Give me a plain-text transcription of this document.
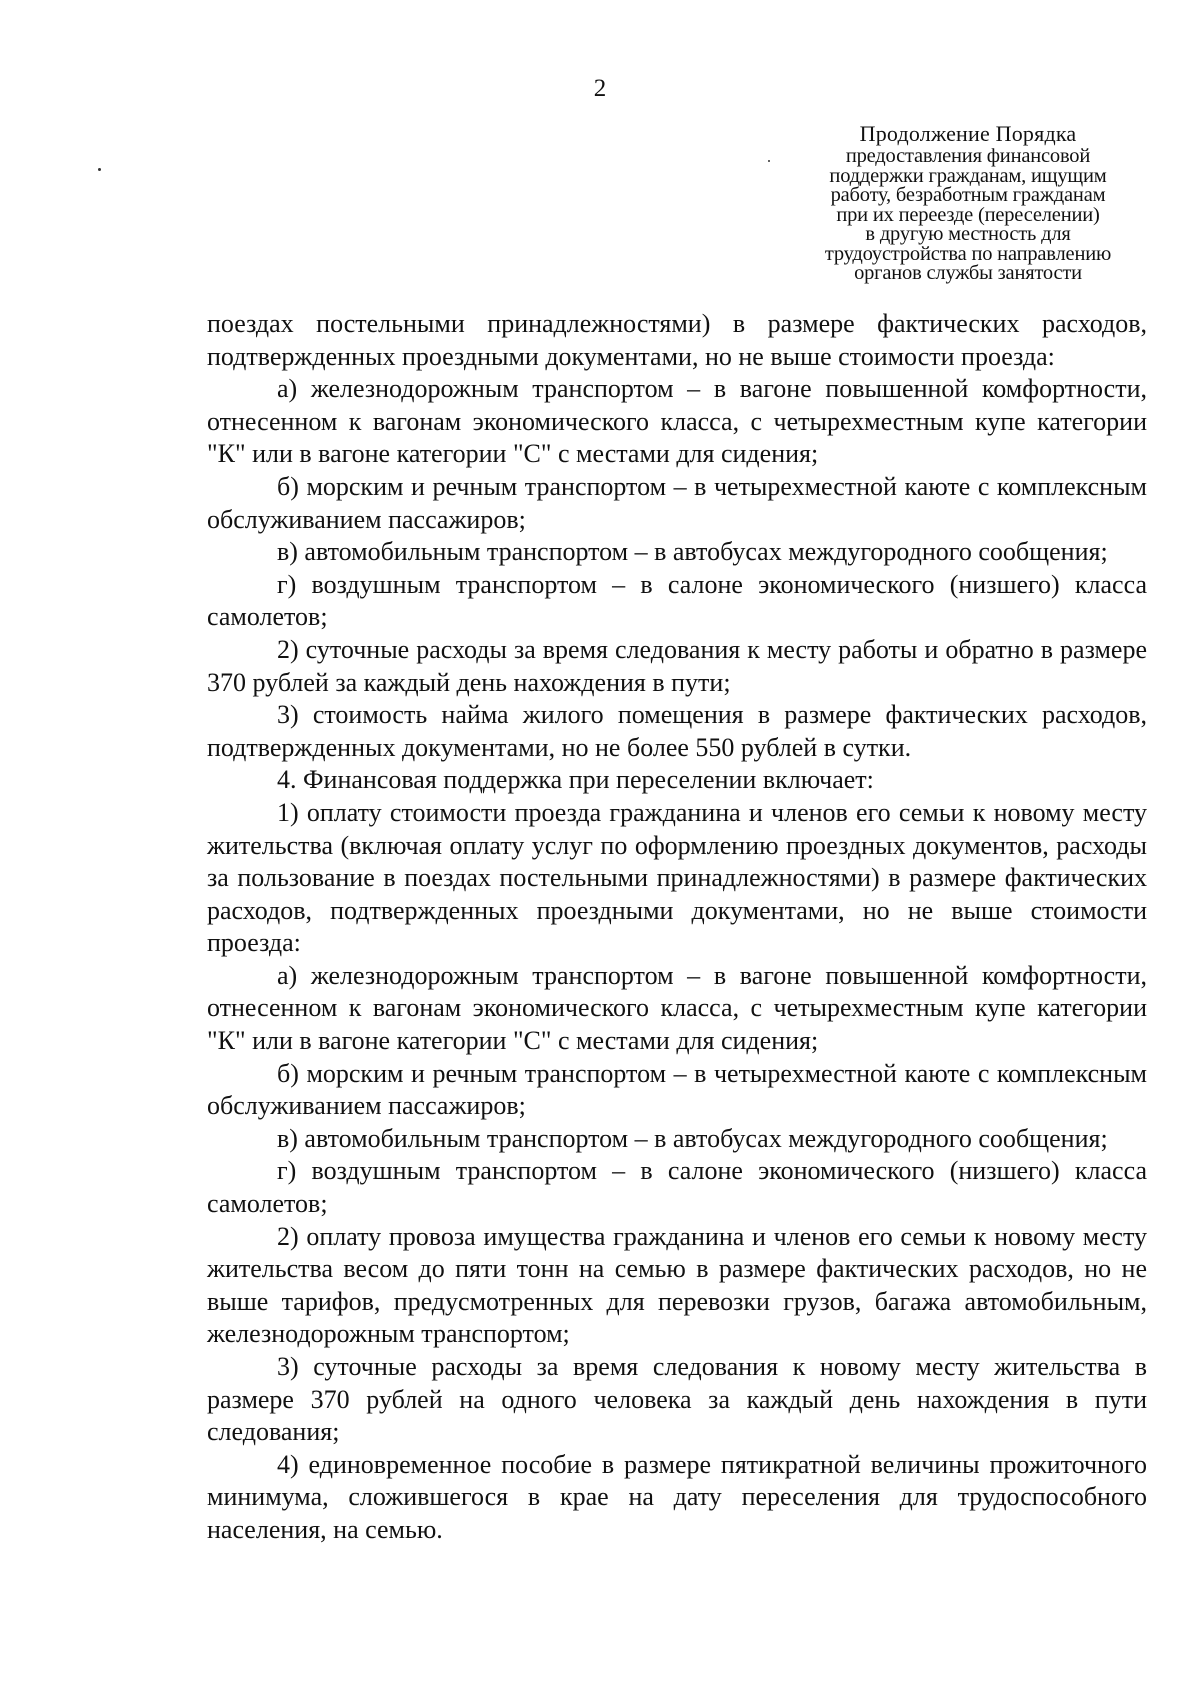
2
Продолжение Порядка
предоставления финансовой
поддержки гражданам, ищущим
работу, безработным гражданам
при их переезде (переселении)
в другую местность для
трудоустройства по направлению
органов службы занятости

поездах постельными принадлежностями) в размере фактических расходов, подтвержденных проездными документами, но не выше стоимости проезда:

а) железнодорожным транспортом – в вагоне повышенной комфортности, отнесенном к вагонам экономического класса, с четырехместным купе категории "К" или в вагоне категории "С" с местами для сидения;

б) морским и речным транспортом – в четырехместной каюте с комплексным обслуживанием пассажиров;

в) автомобильным транспортом – в автобусах междугородного сообщения;

г) воздушным транспортом – в салоне экономического (низшего) класса самолетов;

2) суточные расходы за время следования к месту работы и обратно в размере 370 рублей за каждый день нахождения в пути;

3) стоимость найма жилого помещения в размере фактических расходов, подтвержденных документами, но не более 550 рублей в сутки.

4. Финансовая поддержка при переселении включает:

1) оплату стоимости проезда гражданина и членов его семьи к новому месту жительства (включая оплату услуг по оформлению проездных документов, расходы за пользование в поездах постельными принадлежностями) в размере фактических расходов, подтвержденных проездными документами, но не выше стоимости проезда:

а) железнодорожным транспортом – в вагоне повышенной комфортности, отнесенном к вагонам экономического класса, с четырехместным купе категории "К" или в вагоне категории "С" с местами для сидения;

б) морским и речным транспортом – в четырехместной каюте с комплексным обслуживанием пассажиров;

в) автомобильным транспортом – в автобусах междугородного сообщения;

г) воздушным транспортом – в салоне экономического (низшего) класса самолетов;

2) оплату провоза имущества гражданина и членов его семьи к новому месту жительства весом до пяти тонн на семью в размере фактических расходов, но не выше тарифов, предусмотренных для перевозки грузов, багажа автомобильным, железнодорожным транспортом;

3) суточные расходы за время следования к новому месту жительства в размере 370 рублей на одного человека за каждый день нахождения в пути следования;

4) единовременное пособие в размере пятикратной величины прожиточного минимума, сложившегося в крае на дату переселения для трудоспособного населения, на семью.
